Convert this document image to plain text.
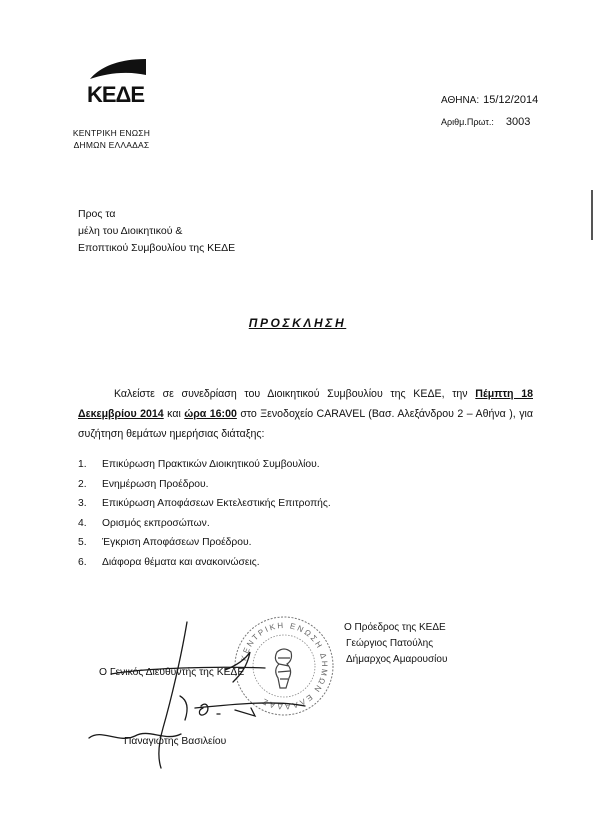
ΚΕΔΕ
ΚΕΝΤΡΙΚΗ ΕΝΩΣΗ
ΔΗΜΩΝ ΕΛΛΑΔΑΣ
ΑΘΗΝΑ: 15/12/2014
Αριθμ.Πρωτ.: 3003
Προς τα
μέλη του Διοικητικού &
Εποπτικού Συμβουλίου της ΚΕΔΕ
ΠΡΟΣΚΛΗΣΗ
Καλείστε σε συνεδρίαση του Διοικητικού Συμβουλίου της ΚΕΔΕ, την Πέμπτη 18 Δεκεμβρίου 2014 και ώρα 16:00 στο Ξενοδοχείο CARAVEL (Βασ. Αλεξάνδρου 2 – Αθήνα ), για συζήτηση θεμάτων ημερήσιας διάταξης:
1. Επικύρωση Πρακτικών Διοικητικού Συμβουλίου.
2. Ενημέρωση Προέδρου.
3. Επικύρωση Αποφάσεων Εκτελεστικής Επιτροπής.
4. Ορισμός εκπροσώπων.
5. Έγκριση Αποφάσεων Προέδρου.
6. Διάφορα θέματα και ανακοινώσεις.
Ο Πρόεδρος της ΚΕΔΕ
Γεώργιος Πατούλης
Δήμαρχος Αμαρουσίου
ΚΕΝΤΡΙΚΗ ΕΝΩΣΗ ΔΗΜΩΝ ΕΛΛΑΔΑΣ
Ο Γενικός Διευθυντής της ΚΕΔΕ
Παναγιώτης Βασιλείου
